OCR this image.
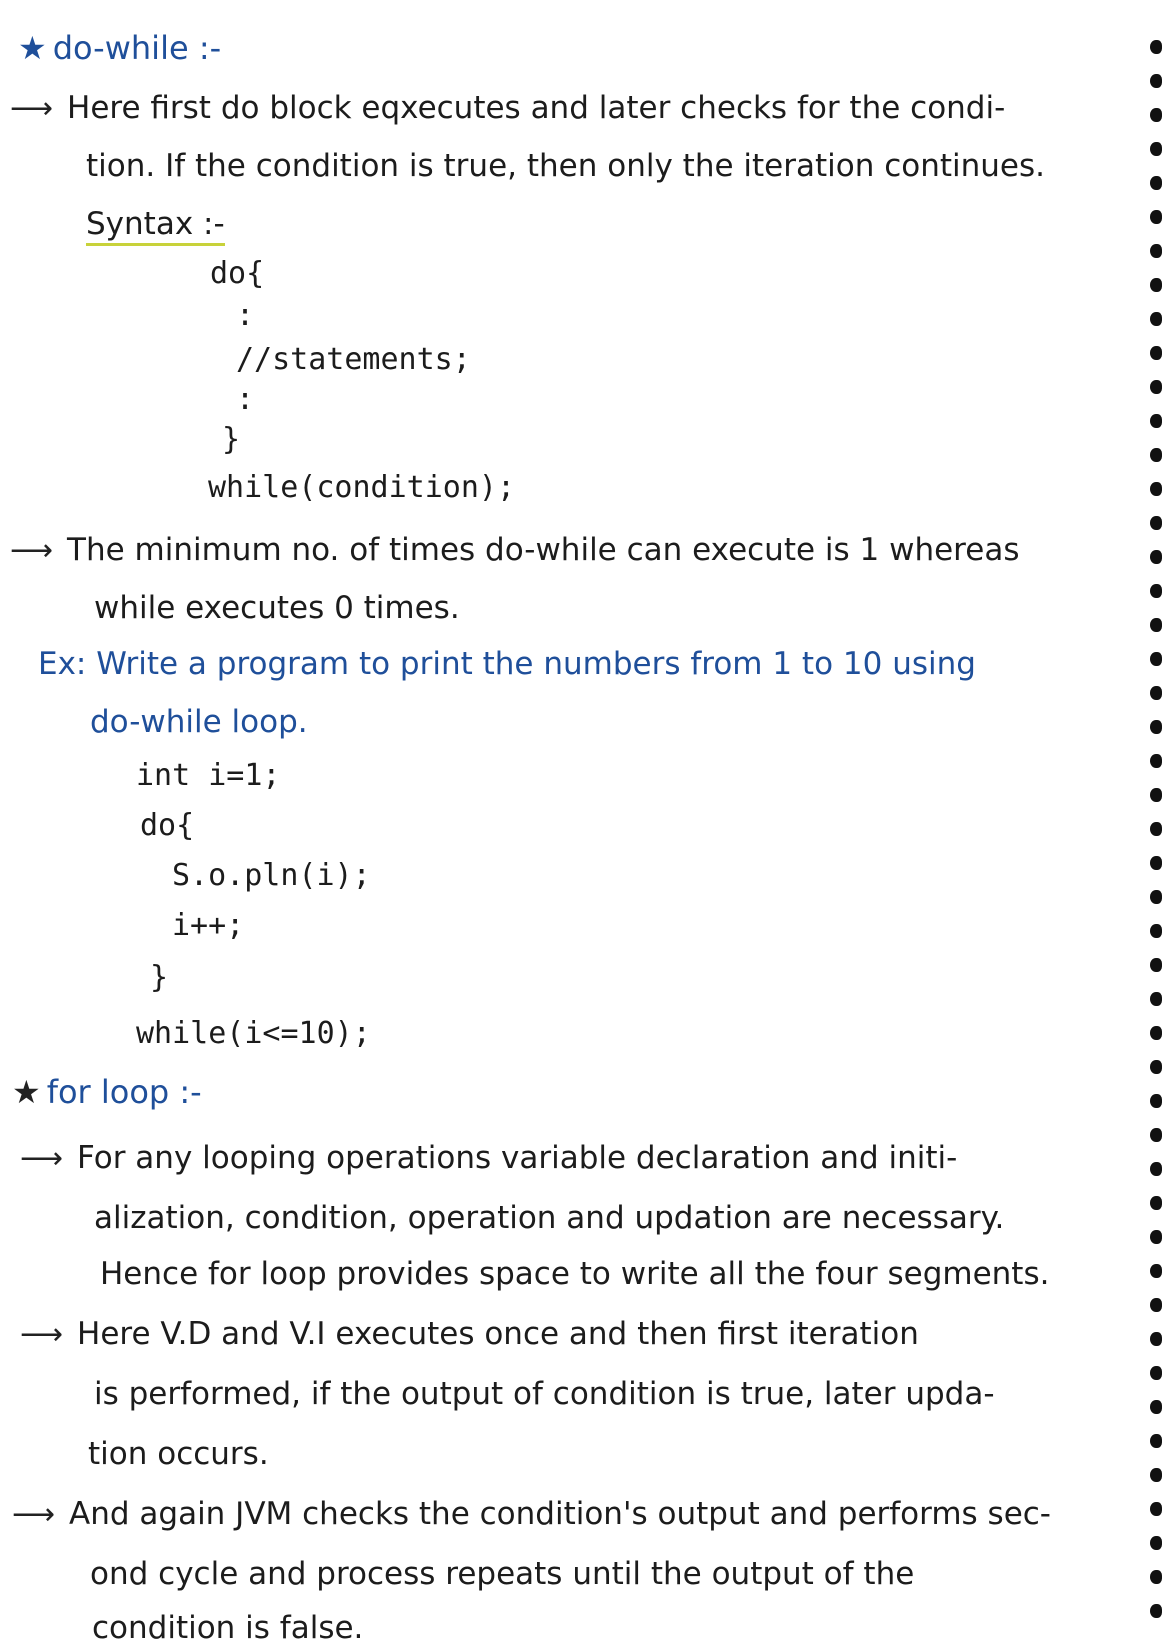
★ do-while :-
⟶ Here first do block eqxecutes and later checks for the condi-
tion. If the condition is true, then only the iteration continues.
Syntax :-
do{
:
//statements;
:
}
while(condition);
⟶ The minimum no. of times do-while can execute is 1 whereas
while executes 0 times.
Ex: Write a program to print the numbers from 1 to 10 using
do-while loop.
int i=1;
do{
S.o.pln(i);
i++;
}
while(i<=10);
★ for loop :-
⟶ For any looping operations variable declaration and initi-
alization, condition, operation and updation are necessary.
Hence for loop provides space to write all the four segments.
⟶ Here V.D and V.I executes once and then first iteration
is performed, if the output of condition is true, later upda-
tion occurs.
⟶ And again JVM checks the condition's output and performs sec-
ond cycle and process repeats until the output of the
condition is false.
